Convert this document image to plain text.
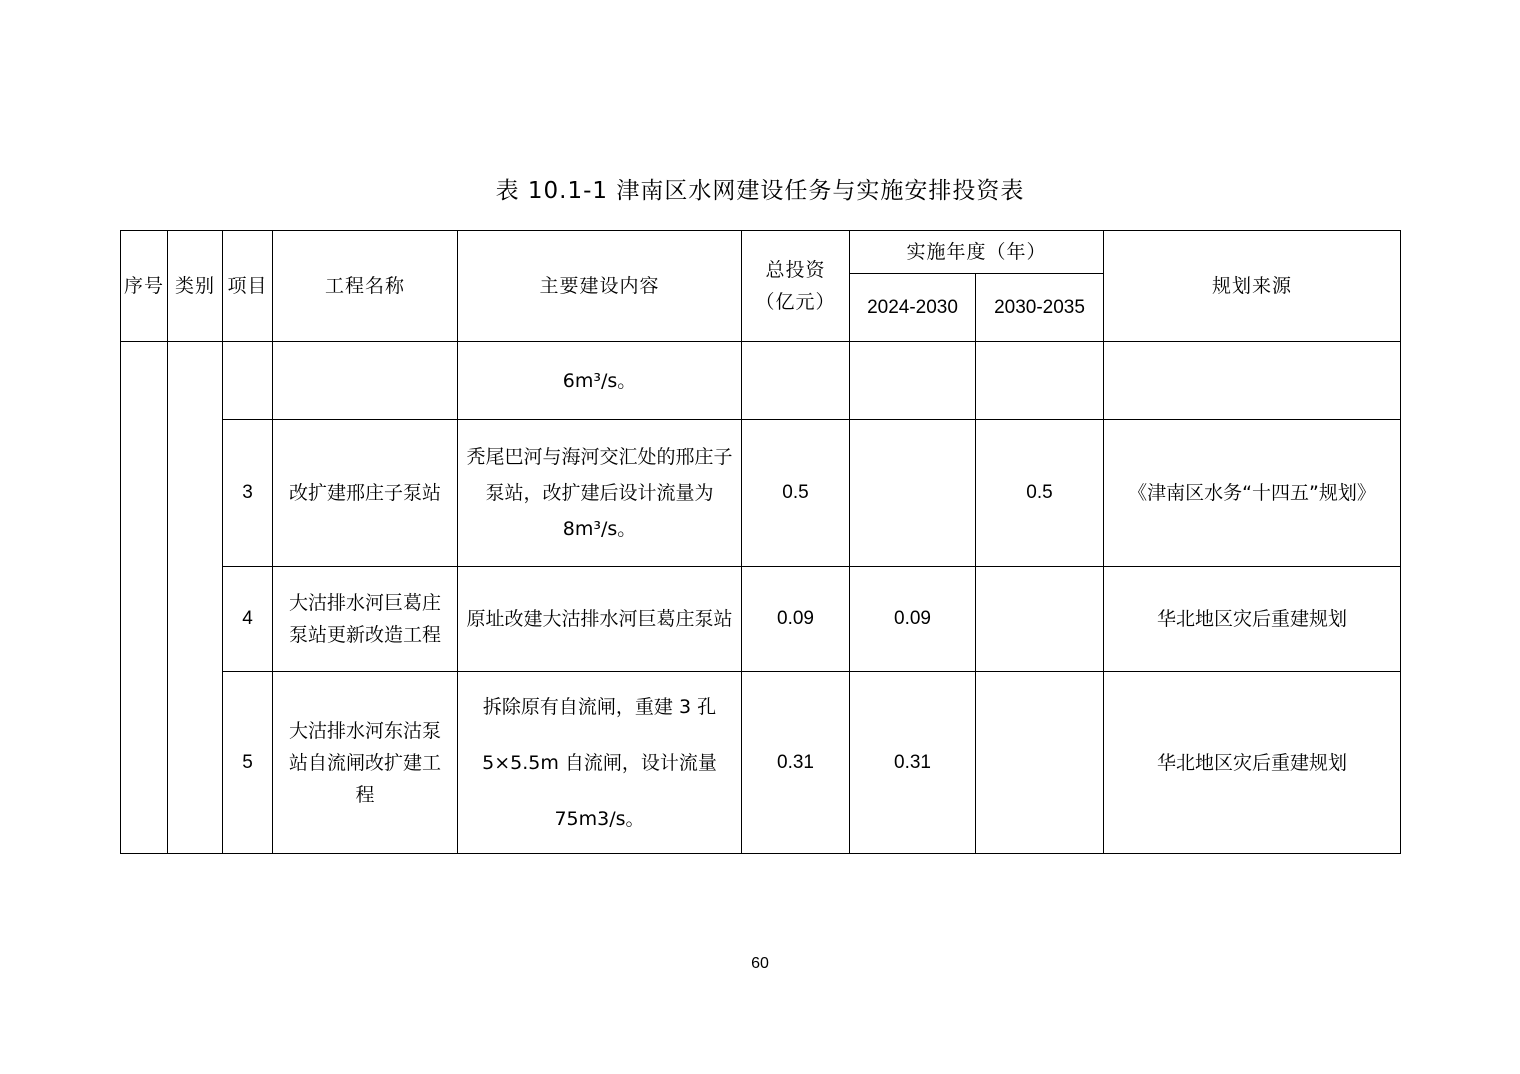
表 10.1-1 津南区水网建设任务与实施安排投资表
序号	类别	项目	工程名称	主要建设内容	总投资（亿元）	实施年度（年）		规划来源
						2024-2030	2030-2035	
				6m³/s。				
		3	改扩建邢庄子泵站	秃尾巴河与海河交汇处的邢庄子泵站，改扩建后设计流量为 8m³/s。	0.5		0.5	《津南区水务“十四五”规划》
		4	大沽排水河巨葛庄泵站更新改造工程	原址改建大沽排水河巨葛庄泵站	0.09	0.09		华北地区灾后重建规划
		5	大沽排水河东沽泵站自流闸改扩建工程	拆除原有自流闸，重建 3 孔 5×5.5m 自流闸，设计流量 75m3/s。	0.31	0.31		华北地区灾后重建规划
60
